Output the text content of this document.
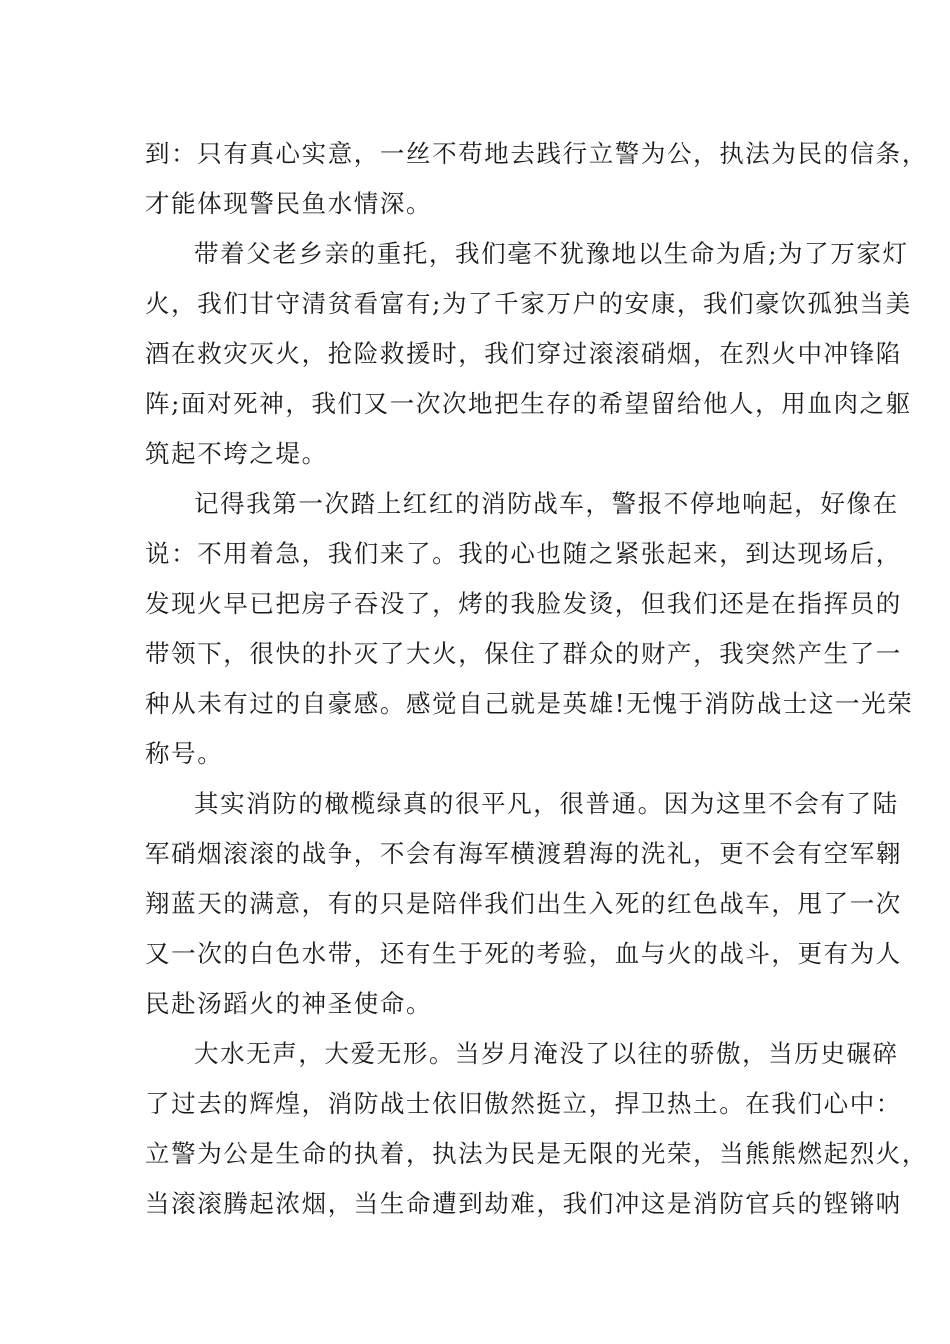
到：只有真心实意，一丝不苟地去践行立警为公，执法为民的信条，
才能体现警民鱼水情深。
带着父老乡亲的重托，我们毫不犹豫地以生命为盾;为了万家灯
火，我们甘守清贫看富有;为了千家万户的安康，我们豪饮孤独当美
酒在救灾灭火，抢险救援时，我们穿过滚滚硝烟，在烈火中冲锋陷
阵;面对死神，我们又一次次地把生存的希望留给他人，用血肉之躯
筑起不垮之堤。
记得我第一次踏上红红的消防战车，警报不停地响起，好像在
说：不用着急，我们来了。我的心也随之紧张起来，到达现场后，
发现火早已把房子吞没了，烤的我脸发烫，但我们还是在指挥员的
带领下，很快的扑灭了大火，保住了群众的财产，我突然产生了一
种从未有过的自豪感。感觉自己就是英雄!无愧于消防战士这一光荣
称号。
其实消防的橄榄绿真的很平凡，很普通。因为这里不会有了陆
军硝烟滚滚的战争，不会有海军横渡碧海的洗礼，更不会有空军翱
翔蓝天的满意，有的只是陪伴我们出生入死的红色战车，甩了一次
又一次的白色水带，还有生于死的考验，血与火的战斗，更有为人
民赴汤蹈火的神圣使命。
大水无声，大爱无形。当岁月淹没了以往的骄傲，当历史碾碎
了过去的辉煌，消防战士依旧傲然挺立，捍卫热土。在我们心中：
立警为公是生命的执着，执法为民是无限的光荣，当熊熊燃起烈火，
当滚滚腾起浓烟，当生命遭到劫难，我们冲这是消防官兵的铿锵呐
